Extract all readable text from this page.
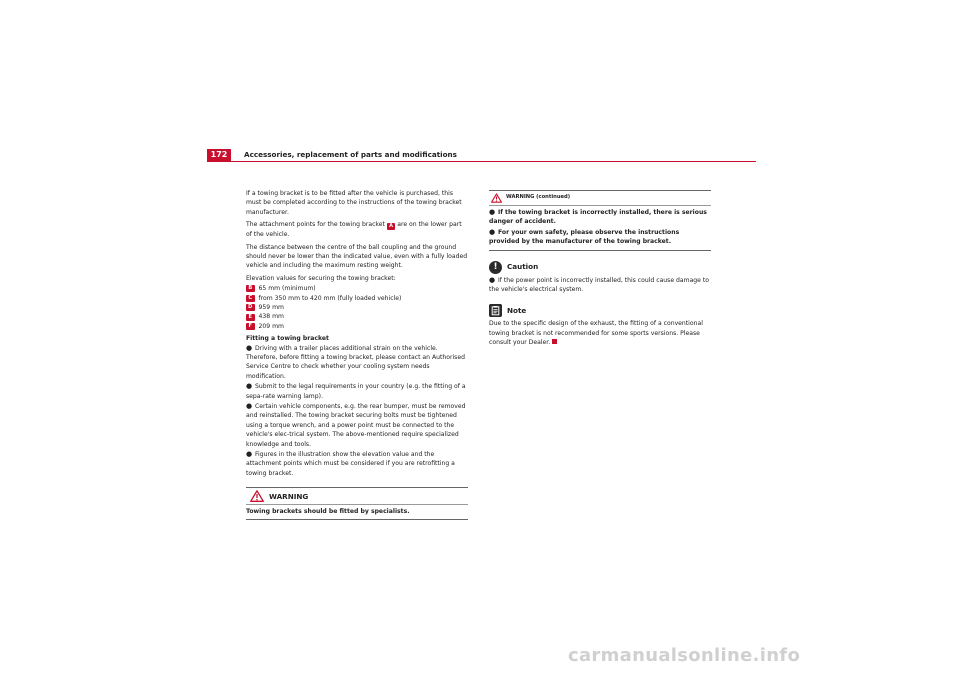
172	Accessories, replacement of parts and modifications

If a towing bracket is to be fitted after the vehicle is purchased, this must be completed according to the instructions of the towing bracket manufacturer.

The attachment points for the towing bracket A are on the lower part of the vehicle.

The distance between the centre of the ball coupling and the ground should never be lower than the indicated value, even with a fully loaded vehicle and including the maximum resting weight.

Elevation values for securing the towing bracket:

B	65 mm (minimum)
C	from 350 mm to 420 mm (fully loaded vehicle)
D	959 mm
E	438 mm
F	209 mm

Fitting a towing bracket

● Driving with a trailer places additional strain on the vehicle. Therefore, before fitting a towing bracket, please contact an Authorised Service Centre to check whether your cooling system needs modification.

● Submit to the legal requirements in your country (e.g. the fitting of a sepa-rate warning lamp).

● Certain vehicle components, e.g. the rear bumper, must be removed and reinstalled. The towing bracket securing bolts must be tightened using a torque wrench, and a power point must be connected to the vehicle's elec-trical system. The above-mentioned require specialized knowledge and tools.

● Figures in the illustration show the elevation value and the attachment points which must be considered if you are retrofitting a towing bracket.

WARNING
Towing brackets should be fitted by specialists.
WARNING (continued)

● If the towing bracket is incorrectly installed, there is serious danger of accident.

● For your own safety, please observe the instructions provided by the manufacturer of the towing bracket.

!	Caution

● If the power point is incorrectly installed, this could cause damage to the vehicle's electrical system.

Note

Due to the specific design of the exhaust, the fitting of a conventional towing bracket is not recommended for some sports versions. Please consult your Dealer.

carmanualsonline.info
